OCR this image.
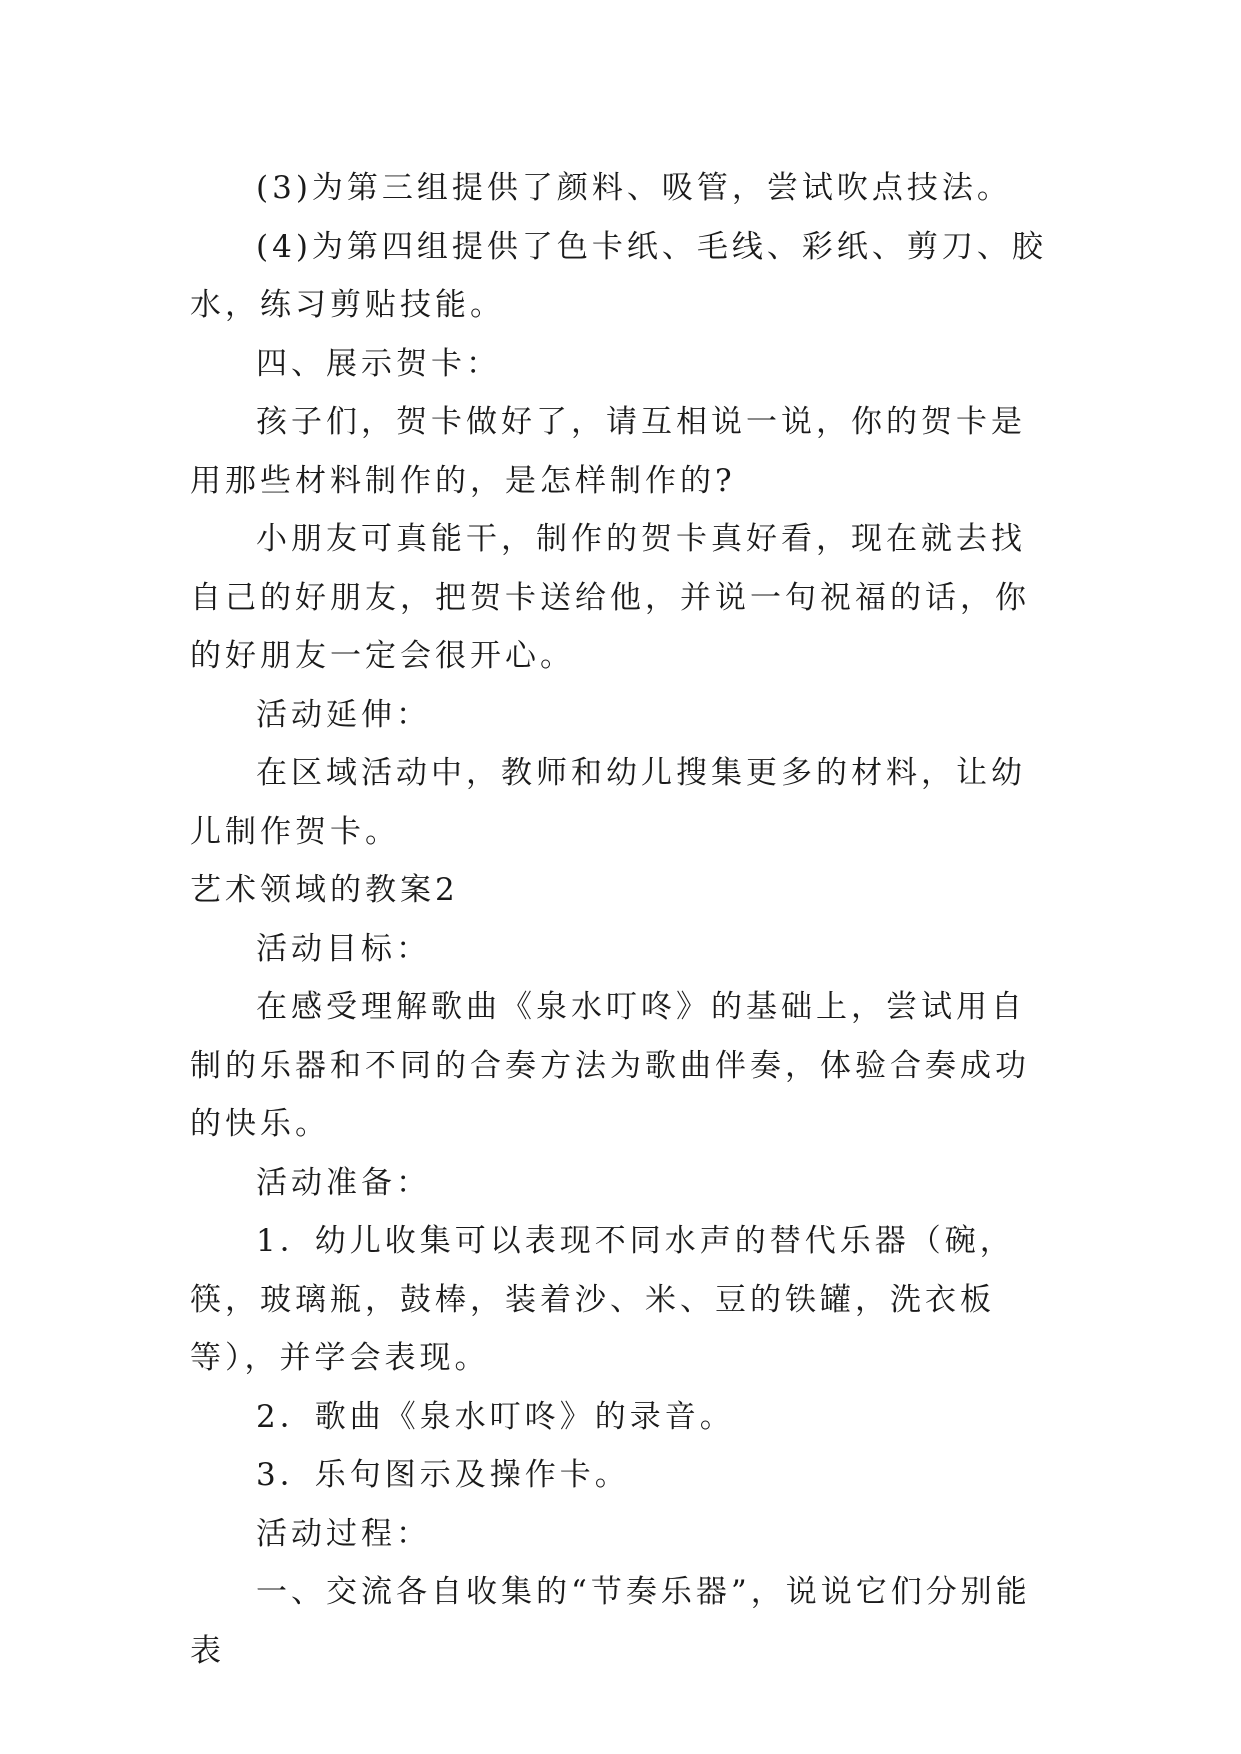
(3)为第三组提供了颜料、吸管，尝试吹点技法。

(4)为第四组提供了色卡纸、毛线、彩纸、剪刀、胶水，练习剪贴技能。

四、展示贺卡：

孩子们，贺卡做好了，请互相说一说，你的贺卡是用那些材料制作的，是怎样制作的?

小朋友可真能干，制作的贺卡真好看，现在就去找自己的好朋友，把贺卡送给他，并说一句祝福的话，你的好朋友一定会很开心。

活动延伸：

在区域活动中，教师和幼儿搜集更多的材料，让幼儿制作贺卡。

艺术领域的教案2

活动目标：

在感受理解歌曲《泉水叮咚》的基础上，尝试用自制的乐器和不同的合奏方法为歌曲伴奏，体验合奏成功的快乐。

活动准备：

1．幼儿收集可以表现不同水声的替代乐器（碗，筷，玻璃瓶，鼓棒，装着沙、米、豆的铁罐，洗衣板等），并学会表现。

2．歌曲《泉水叮咚》的录音。

3．乐句图示及操作卡。

活动过程：

一、交流各自收集的“节奏乐器”，说说它们分别能表
